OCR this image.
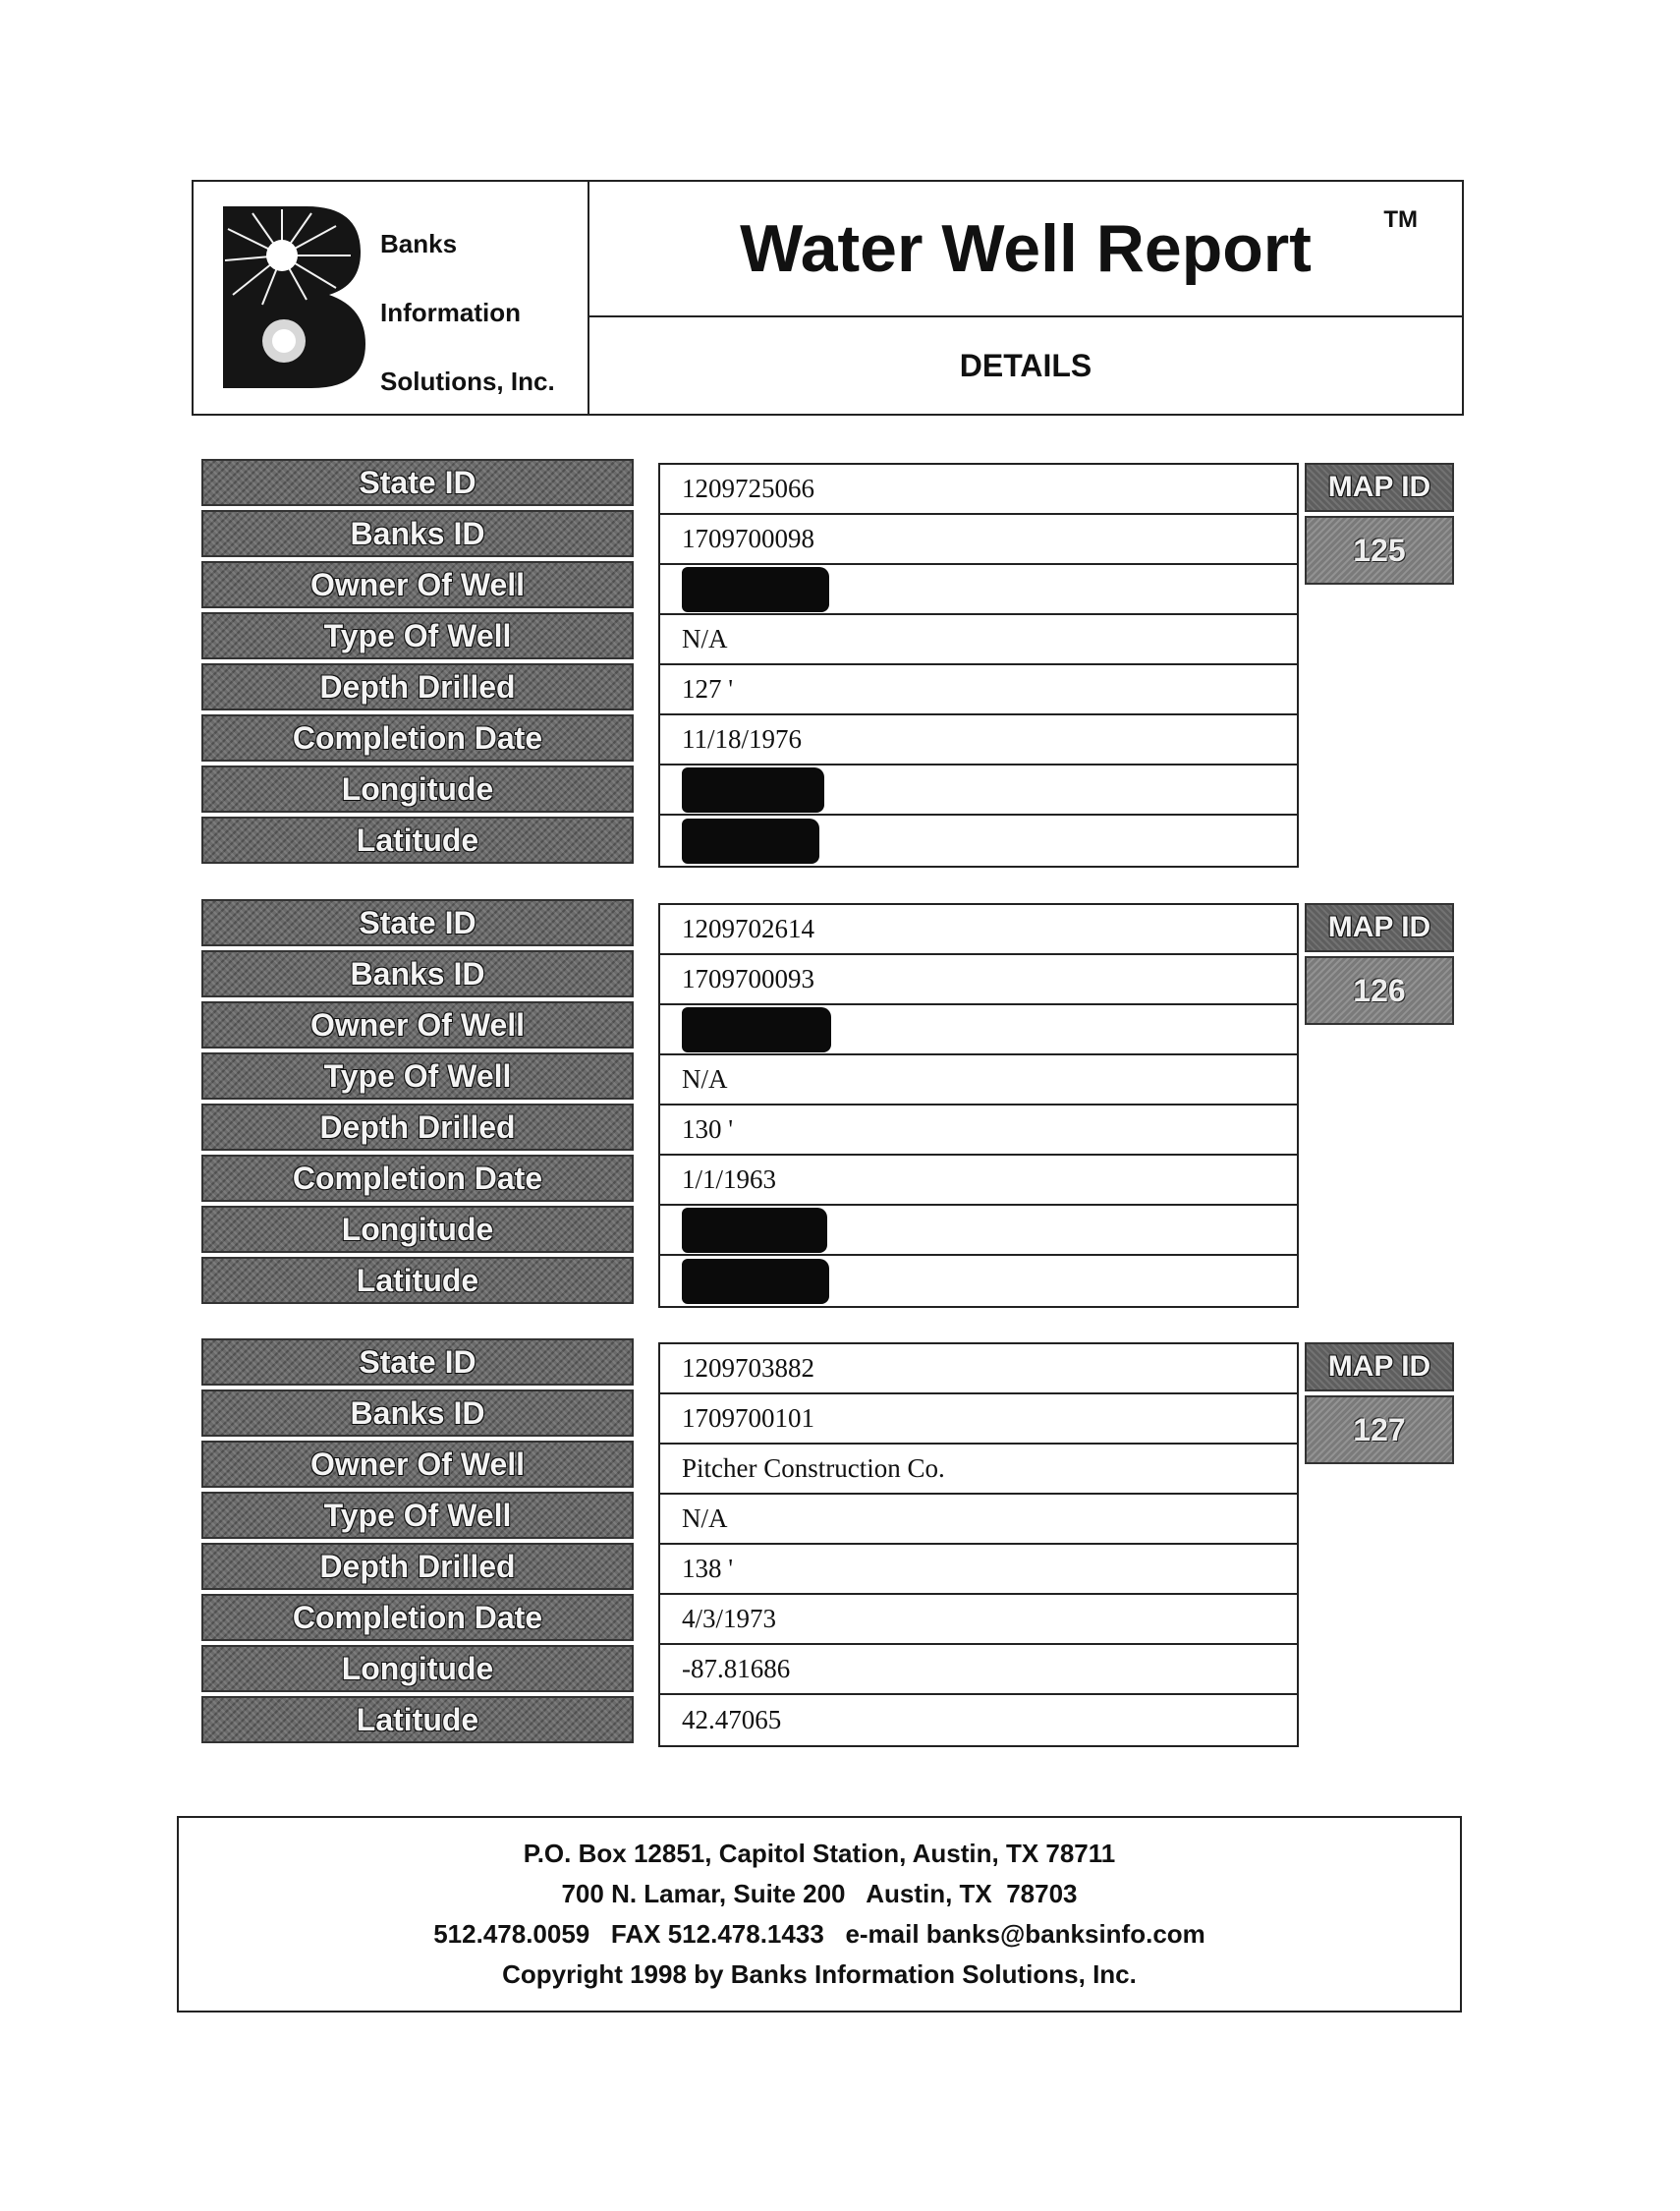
Banks
Information
Solutions, Inc.
Water Well Report	TM
DETAILS
State ID
Banks ID
Owner Of Well
Type Of Well
Depth Drilled
Completion Date
Longitude
Latitude
1209725066
1709700098
N/A
127 '
11/18/1976
MAP ID
125
State ID
Banks ID
Owner Of Well
Type Of Well
Depth Drilled
Completion Date
Longitude
Latitude
1209702614
1709700093
N/A
130 '
1/1/1963
MAP ID
126
State ID
Banks ID
Owner Of Well
Type Of Well
Depth Drilled
Completion Date
Longitude
Latitude
1209703882
1709700101
Pitcher Construction Co.
N/A
138 '
4/3/1973
-87.81686
42.47065
MAP ID
127
P.O. Box 12851, Capitol Station, Austin, TX 78711
700 N. Lamar, Suite 200   Austin, TX  78703
512.478.0059   FAX 512.478.1433   e-mail banks@banksinfo.com
Copyright 1998 by Banks Information Solutions, Inc.
